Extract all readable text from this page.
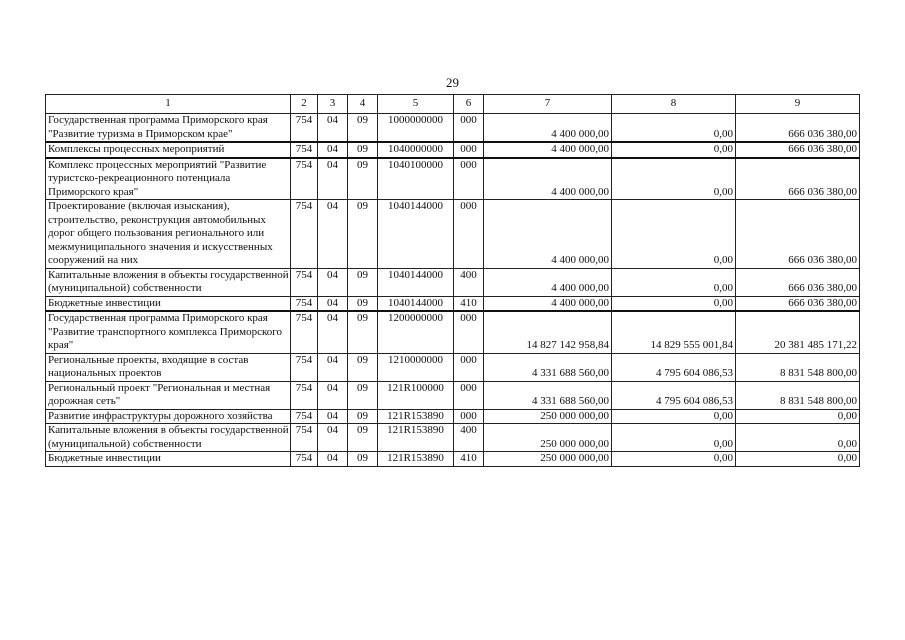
29
1	2	3	4	5	6	7	8	9
Государственная программа Приморского края "Развитие туризма в Приморском крае"	754	04	09	1000000000	000	4 400 000,00	0,00	666 036 380,00
Комплексы процессных мероприятий	754	04	09	1040000000	000	4 400 000,00	0,00	666 036 380,00
Комплекс процессных мероприятий "Развитие туристско-рекреационного потенциала Приморского края"	754	04	09	1040100000	000	4 400 000,00	0,00	666 036 380,00
Проектирование (включая изыскания), строительство, реконструкция автомобильных дорог общего пользования регионального или межмуниципального значения и искусственных сооружений на них	754	04	09	1040144000	000	4 400 000,00	0,00	666 036 380,00
Капитальные вложения в объекты государственной (муниципальной) собственности	754	04	09	1040144000	400	4 400 000,00	0,00	666 036 380,00
Бюджетные инвестиции	754	04	09	1040144000	410	4 400 000,00	0,00	666 036 380,00
Государственная программа Приморского края "Развитие транспортного комплекса Приморского края"	754	04	09	1200000000	000	14 827 142 958,84	14 829 555 001,84	20 381 485 171,22
Региональные проекты, входящие в состав национальных проектов	754	04	09	1210000000	000	4 331 688 560,00	4 795 604 086,53	8 831 548 800,00
Региональный проект "Региональная и местная дорожная сеть"	754	04	09	121R100000	000	4 331 688 560,00	4 795 604 086,53	8 831 548 800,00
Развитие инфраструктуры дорожного хозяйства	754	04	09	121R153890	000	250 000 000,00	0,00	0,00
Капитальные вложения в объекты государственной (муниципальной) собственности	754	04	09	121R153890	400	250 000 000,00	0,00	0,00
Бюджетные инвестиции	754	04	09	121R153890	410	250 000 000,00	0,00	0,00
